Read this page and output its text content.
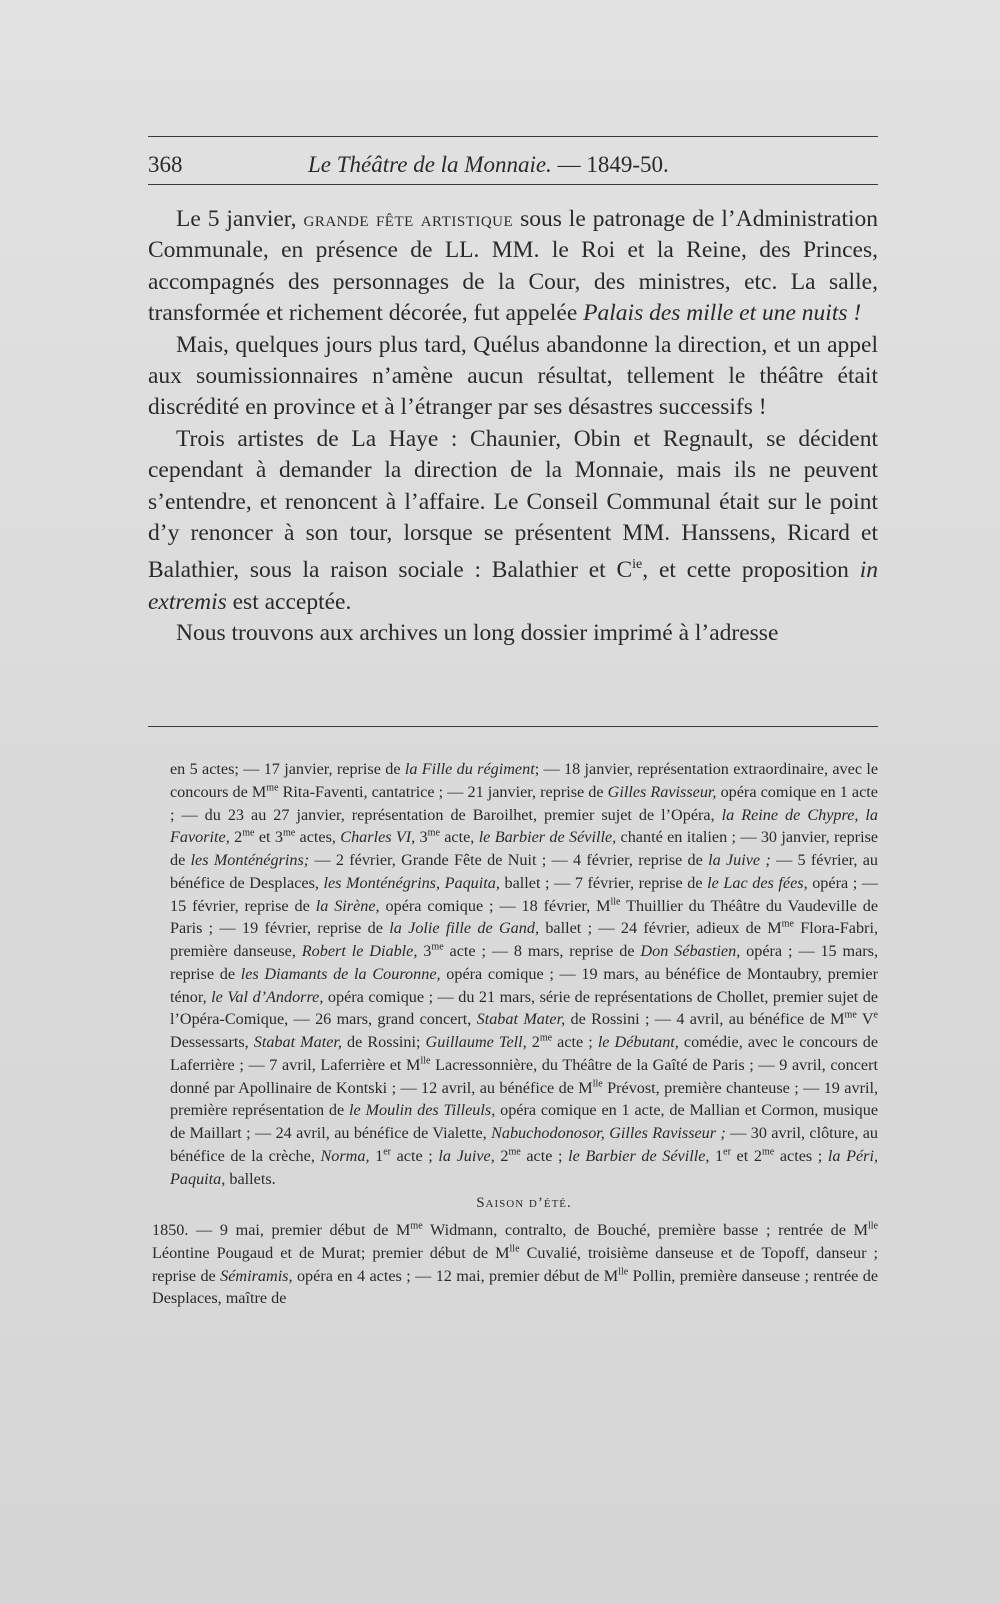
368	Le Théâtre de la Monnaie. — 1849-50.

Le 5 janvier, grande fête artistique sous le patronage de l’Administration Communale, en présence de LL. MM. le Roi et la Reine, des Princes, accompagnés des personnages de la Cour, des ministres, etc. La salle, transformée et richement décorée, fut appelée Palais des mille et une nuits !

Mais, quelques jours plus tard, Quélus abandonne la direction, et un appel aux soumissionnaires n’amène aucun résultat, tellement le théâtre était discrédité en province et à l’étranger par ses désastres successifs !

Trois artistes de La Haye : Chaunier, Obin et Regnault, se décident cependant à demander la direction de la Monnaie, mais ils ne peuvent s’entendre, et renoncent à l’affaire. Le Conseil Communal était sur le point d’y renoncer à son tour, lorsque se présentent MM. Hanssens, Ricard et Balathier, sous la raison sociale : Balathier et $C^{ie}$, et cette proposition in extremis est acceptée.

Nous trouvons aux archives un long dossier imprimé à l’adresse

en 5 actes; — 17 janvier, reprise de la Fille du régiment; — 18 janvier, représentation extraordinaire, avec le concours de $M^{me}$ Rita-Faventi, cantatrice ; — 21 janvier, reprise de Gilles Ravisseur, opéra comique en 1 acte ; — du 23 au 27 janvier, représentation de Baroilhet, premier sujet de l’Opéra, la Reine de Chypre, la Favorite, $2^{me}$ et $3^{me}$ actes, Charles VI, $3^{me}$ acte, le Barbier de Séville, chanté en italien ; — 30 janvier, reprise de les Monténégrins; — 2 février, Grande Fête de Nuit ; — 4 février, reprise de la Juive ; — 5 février, au bénéfice de Desplaces, les Monténégrins, Paquita, ballet ; — 7 février, reprise de le Lac des fées, opéra ; — 15 février, reprise de la Sirène, opéra comique ; — 18 février, $M^{lle}$ Thuillier du Théâtre du Vaudeville de Paris ; — 19 février, reprise de la Jolie fille de Gand, ballet ; — 24 février, adieux de $M^{me}$ Flora-Fabri, première danseuse, Robert le Diable, $3^{me}$ acte ; — 8 mars, reprise de Don Sébastien, opéra ; — 15 mars, reprise de les Diamants de la Couronne, opéra comique ; — 19 mars, au bénéfice de Montaubry, premier ténor, le Val d’Andorre, opéra comique ; — du 21 mars, série de représentations de Chollet, premier sujet de l’Opéra-Comique, — 26 mars, grand concert, Stabat Mater, de Rossini ; — 4 avril, au bénéfice de $M^{me}$ Ve Dessessarts, Stabat Mater, de Rossini; Guillaume Tell, $2^{me}$ acte ; le Débutant, comédie, avec le concours de Laferrière ; — 7 avril, Laferrière et $M^{lle}$ Lacressonnière, du Théâtre de la Gaîté de Paris ; — 9 avril, concert donné par Apollinaire de Kontski ; — 12 avril, au bénéfice de $M^{lle}$ Prévost, première chanteuse ; — 19 avril, première représentation de le Moulin des Tilleuls, opéra comique en 1 acte, de Mallian et Cormon, musique de Maillart ; — 24 avril, au bénéfice de Vialette, Nabuchodonosor, Gilles Ravisseur ; — 30 avril, clôture, au bénéfice de la crèche, Norma, 1er acte ; la Juive, $2^{me}$ acte ; le Barbier de Séville, 1er et $2^{me}$ actes ; la Péri, Paquita, ballets.

Saison d’été.

1850. — 9 mai, premier début de $M^{me}$ Widmann, contralto, de Bouché, première basse ; rentrée de $M^{lle}$ Léontine Pougaud et de Murat; premier début de $M^{lle}$ Cuvalié, troisième danseuse et de Topoff, danseur ; reprise de Sémiramis, opéra en 4 actes ; — 12 mai, premier début de $M^{lle}$ Pollin, première danseuse ; rentrée de Desplaces, maître de
